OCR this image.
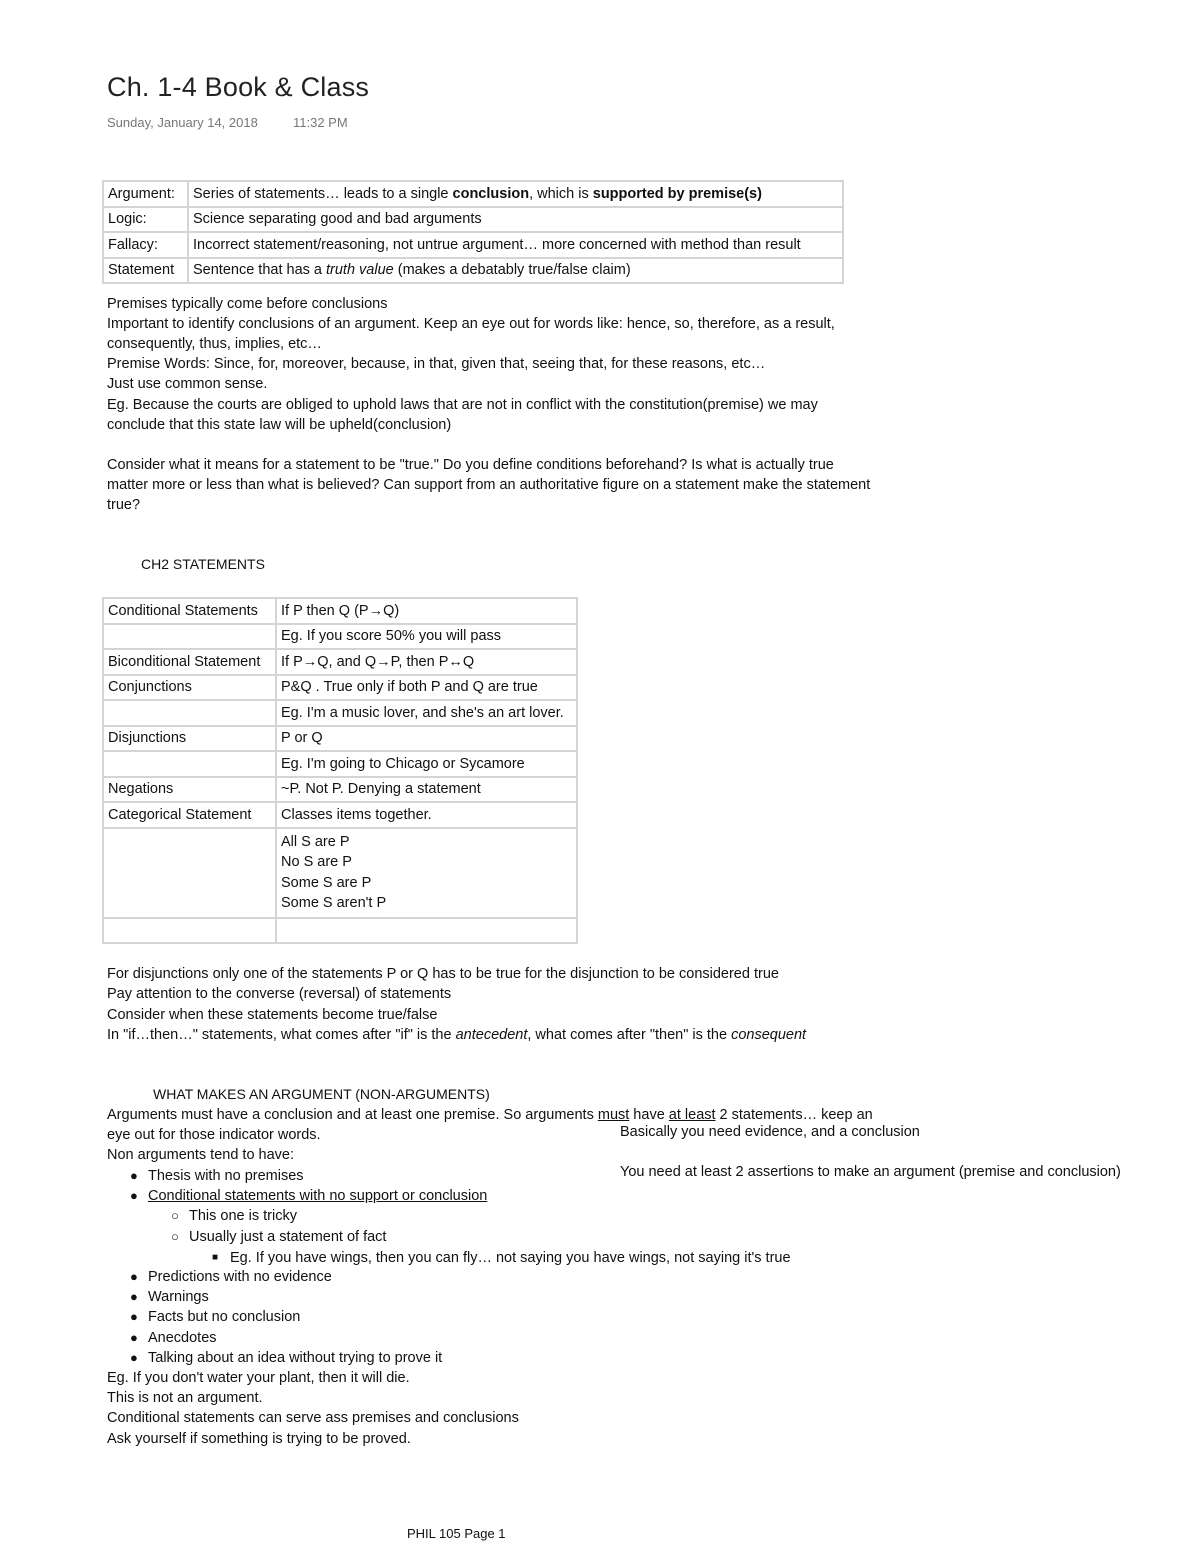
Ch. 1-4 Book & Class
Sunday, January 14, 2018	11:32 PM
Argument:	Series of statements… leads to a single conclusion, which is supported by premise(s)
Logic:	Science separating good and bad arguments
Fallacy:	Incorrect statement/reasoning, not untrue argument… more concerned with method than result
Statement	Sentence that has a truth value (makes a debatably true/false claim)
Premises typically come before conclusions
Important to identify conclusions of an argument. Keep an eye out for words like: hence, so, therefore, as a result,
consequently, thus, implies, etc…
Premise Words: Since, for, moreover, because, in that, given that, seeing that, for these reasons, etc…
Just use common sense.
Eg. Because the courts are obliged to uphold laws that are not in conflict with the constitution(premise) we may
conclude that this state law will be upheld(conclusion)
Consider what it means for a statement to be "true." Do you define conditions beforehand? Is what is actually true
matter more or less than what is believed? Can support from an authoritative figure on a statement make the statement
true?
CH2 STATEMENTS
Conditional Statements	If P then Q (P→Q)
	Eg. If you score 50% you will pass
Biconditional Statement	If P→Q, and Q→P, then P↔Q
Conjunctions	P&Q . True only if both P and Q are true
	Eg. I'm a music lover, and she's an art lover.
Disjunctions	P or Q
	Eg. I'm going to Chicago or Sycamore
Negations	~P. Not P. Denying a statement
Categorical Statement	Classes items together.

	All S are P
No S are P
Some S are P
Some S aren't P

For disjunctions only one of the statements P or Q has to be true for the disjunction to be considered true
Pay attention to the converse (reversal) of statements
Consider when these statements become true/false
In "if…then…" statements, what comes after "if" is the antecedent, what comes after "then" is the consequent
WHAT MAKES AN ARGUMENT (NON-ARGUMENTS)
Arguments must have a conclusion and at least one premise. So arguments must have at least 2 statements… keep an
eye out for those indicator words.
Non arguments tend to have:
Basically you need evidence, and a conclusion
You need at least 2 assertions to make an argument (premise and conclusion)
● Thesis with no premises
● Conditional statements with no support or conclusion
○ This one is tricky
○ Usually just a statement of fact
■ Eg. If you have wings, then you can fly… not saying you have wings, not saying it's true
● Predictions with no evidence
● Warnings
● Facts but no conclusion
● Anecdotes
● Talking about an idea without trying to prove it
Eg. If you don't water your plant, then it will die.
This is not an argument.
Conditional statements can serve ass premises and conclusions
Ask yourself if something is trying to be proved.
PHIL 105 Page 1
